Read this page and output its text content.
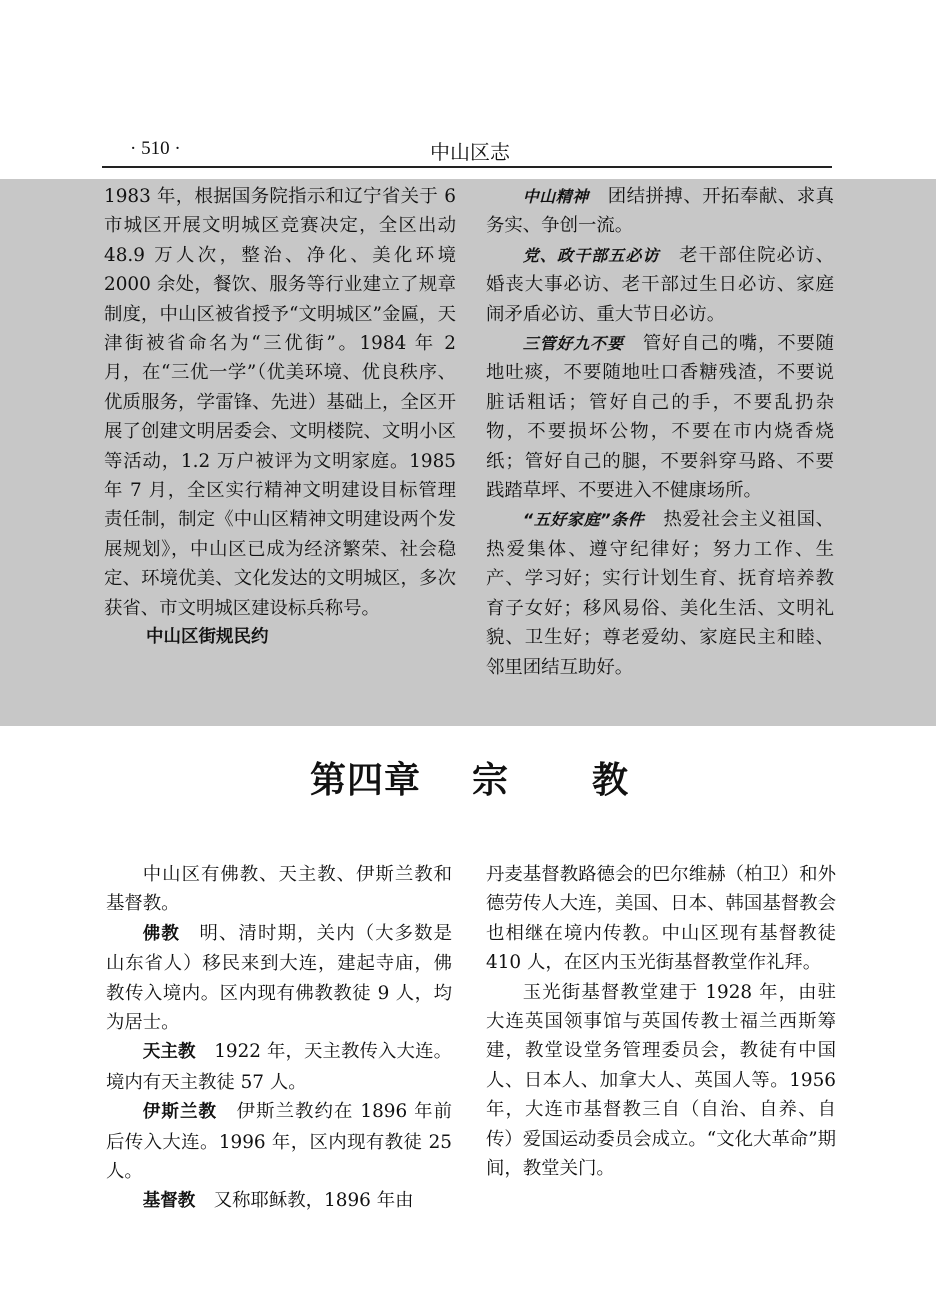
· 510 ·	中山区志

1983 年，根据国务院指示和辽宁省关于 6 市城区开展文明城区竞赛决定，全区出动 48.9 万人次，整治、净化、美化环境 2000 余处，餐饮、服务等行业建立了规章制度，中山区被省授予“文明城区”金匾，天津街被省命名为“三优街”。1984 年 2 月，在“三优一学”（优美环境、优良秩序、优质服务，学雷锋、先进）基础上，全区开展了创建文明居委会、文明楼院、文明小区等活动，1.2 万户被评为文明家庭。1985 年 7 月，全区实行精神文明建设目标管理责任制，制定《中山区精神文明建设两个发展规划》，中山区已成为经济繁荣、社会稳定、环境优美、文化发达的文明城区，多次获省、市文明城区建设标兵称号。

中山区街规民约

中山精神　 团结拼搏、开拓奉献、求真务实、争创一流。

党、政干部五必访　 老干部住院必访、婚丧大事必访、老干部过生日必访、家庭闹矛盾必访、重大节日必访。

三管好九不要　 管好自己的嘴，不要随地吐痰，不要随地吐口香糖残渣，不要说脏话粗话；管好自己的手，不要乱扔杂物，不要损坏公物，不要在市内烧香烧纸；管好自己的腿，不要斜穿马路、不要践踏草坪、不要进入不健康场所。

“五好家庭”条件　 热爱社会主义祖国、热爱集体、遵守纪律好；努力工作、生产、学习好；实行计划生育、抚育培养教育子女好；移风易俗、美化生活、文明礼貌、卫生好；尊老爱幼、家庭民主和睦、邻里团结互助好。

第四章 宗 教

中山区有佛教、天主教、伊斯兰教和基督教。

佛教　 明、清时期，关内（大多数是山东省人）移民来到大连，建起寺庙，佛教传入境内。区内现有佛教教徒 9 人，均为居士。

天主教　 1922 年，天主教传入大连。境内有天主教徒 57 人。

伊斯兰教　 伊斯兰教约在 1896 年前后传入大连。1996 年，区内现有教徒 25 人。

基督教　 又称耶稣教，1896 年由

丹麦基督教路德会的巴尔维赫（柏卫）和外德劳传人大连，美国、日本、韩国基督教会也相继在境内传教。中山区现有基督教徒 410 人，在区内玉光街基督教堂作礼拜。

玉光街基督教堂建于 1928 年，由驻大连英国领事馆与英国传教士福兰西斯筹建，教堂设堂务管理委员会，教徒有中国人、日本人、加拿大人、英国人等。1956 年，大连市基督教三自（自治、自养、自传）爱国运动委员会成立。“文化大革命”期间，教堂关门。
